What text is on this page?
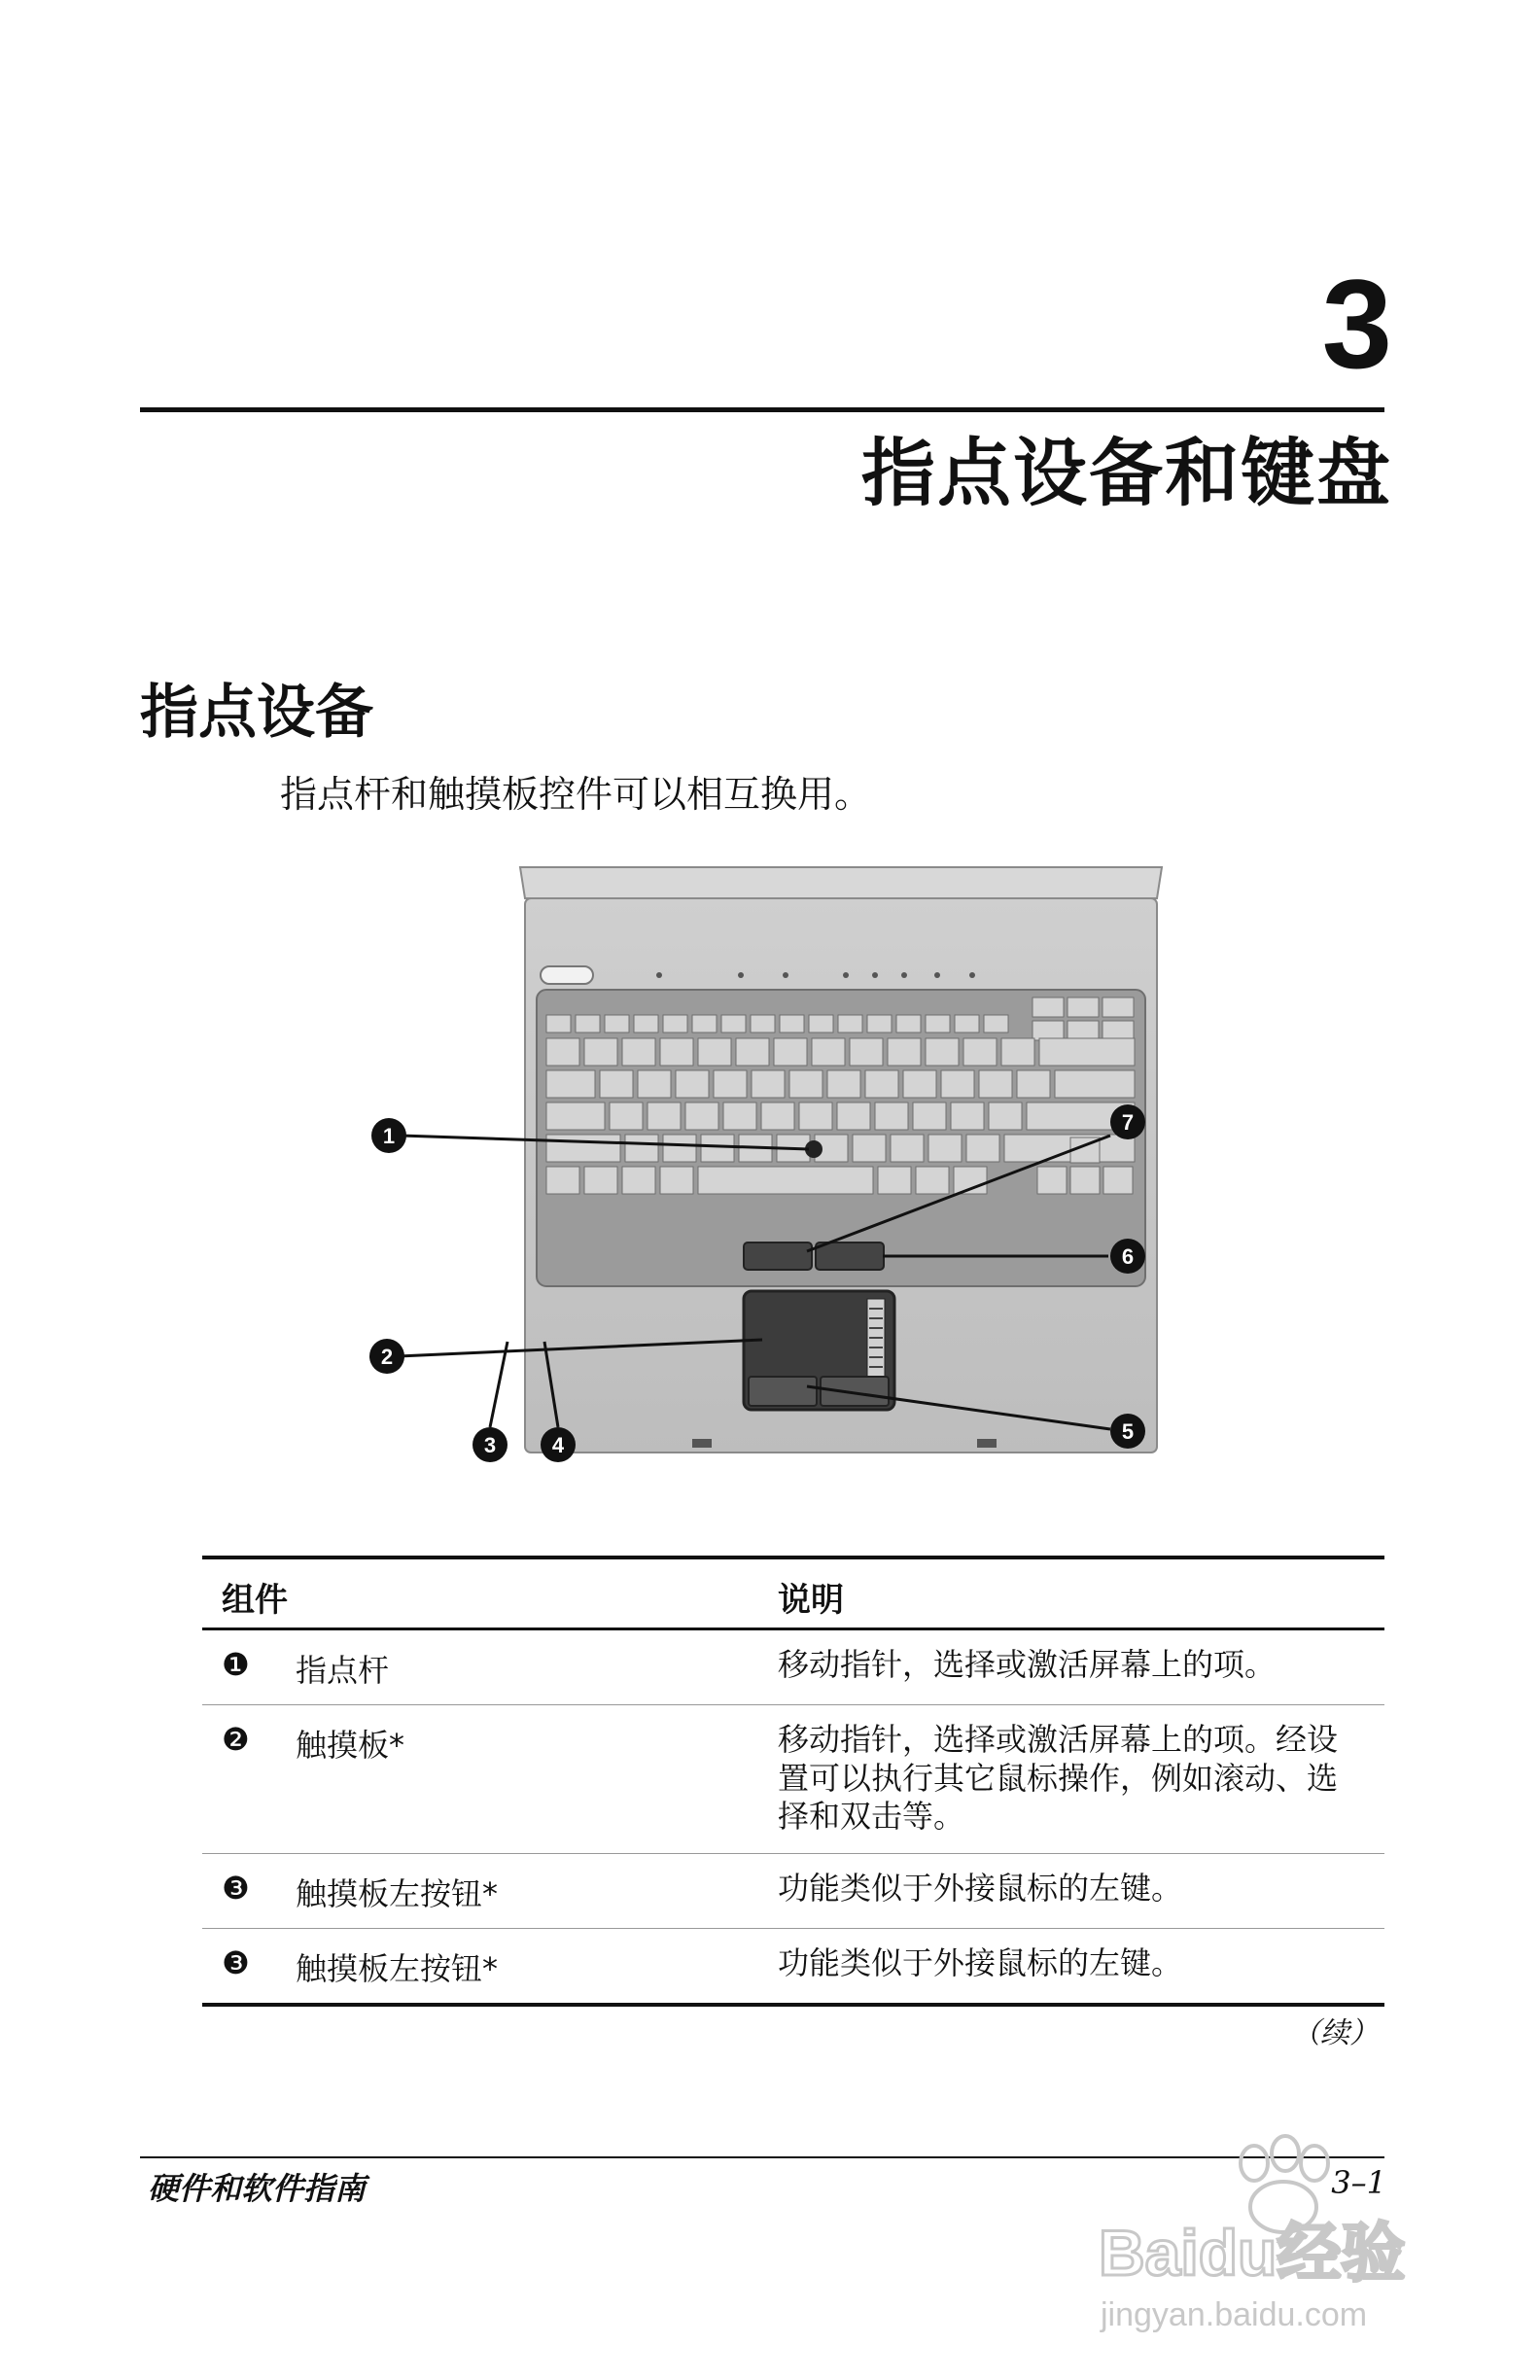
3
指点设备和键盘
指点设备
指点杆和触摸板控件可以相互换用。
1
2
3	4
5
6
7
组件	说明
❶ 指点杆	移动指针，选择或激活屏幕上的项。
❷ 触摸板*	移动指针，选择或激活屏幕上的项。经设置可以执行其它鼠标操作，例如滚动、选择和双击等。
❸ 触摸板左按钮*	功能类似于外接鼠标的左键。
❸ 触摸板左按钮*	功能类似于外接鼠标的左键。
（续）
硬件和软件指南	3–1
Baidu经验
jingyan.baidu.com
